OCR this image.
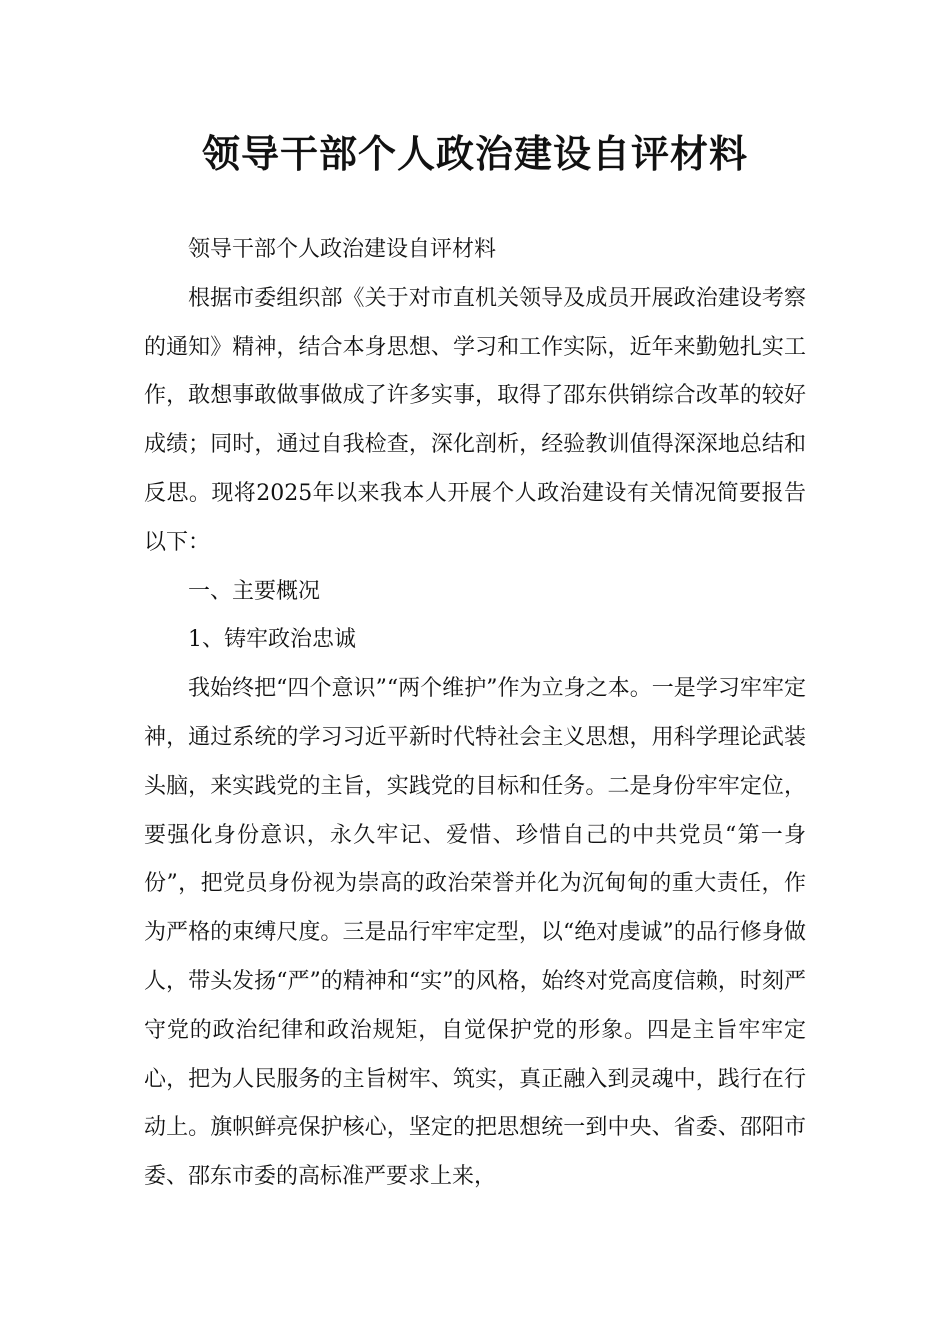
领导干部个人政治建设自评材料

领导干部个人政治建设自评材料

根据市委组织部《关于对市直机关领导及成员开展政治建设考察的通知》精神，结合本身思想、学习和工作实际，近年来勤勉扎实工作，敢想事敢做事做成了许多实事，取得了邵东供销综合改革的较好成绩；同时，通过自我检查，深化剖析，经验教训值得深深地总结和反思。现将2025年以来我本人开展个人政治建设有关情况简要报告以下：

一、主要概况

1、铸牢政治忠诚

我始终把“四个意识”“两个维护”作为立身之本。一是学习牢牢定神，通过系统的学习习近平新时代特社会主义思想，用科学理论武装头脑，来实践党的主旨，实践党的目标和任务。二是身份牢牢定位，要强化身份意识，永久牢记、爱惜、珍惜自己的中共党员“第一身份”，把党员身份视为崇高的政治荣誉并化为沉甸甸的重大责任，作为严格的束缚尺度。三是品行牢牢定型，以“绝对虔诚”的品行修身做人，带头发扬“严”的精神和“实”的风格，始终对党高度信赖，时刻严守党的政治纪律和政治规矩，自觉保护党的形象。四是主旨牢牢定心，把为人民服务的主旨树牢、筑实，真正融入到灵魂中，践行在行动上。旗帜鲜亮保护核心，坚定的把思想统一到中央、省委、邵阳市委、邵东市委的高标准严要求上来，
